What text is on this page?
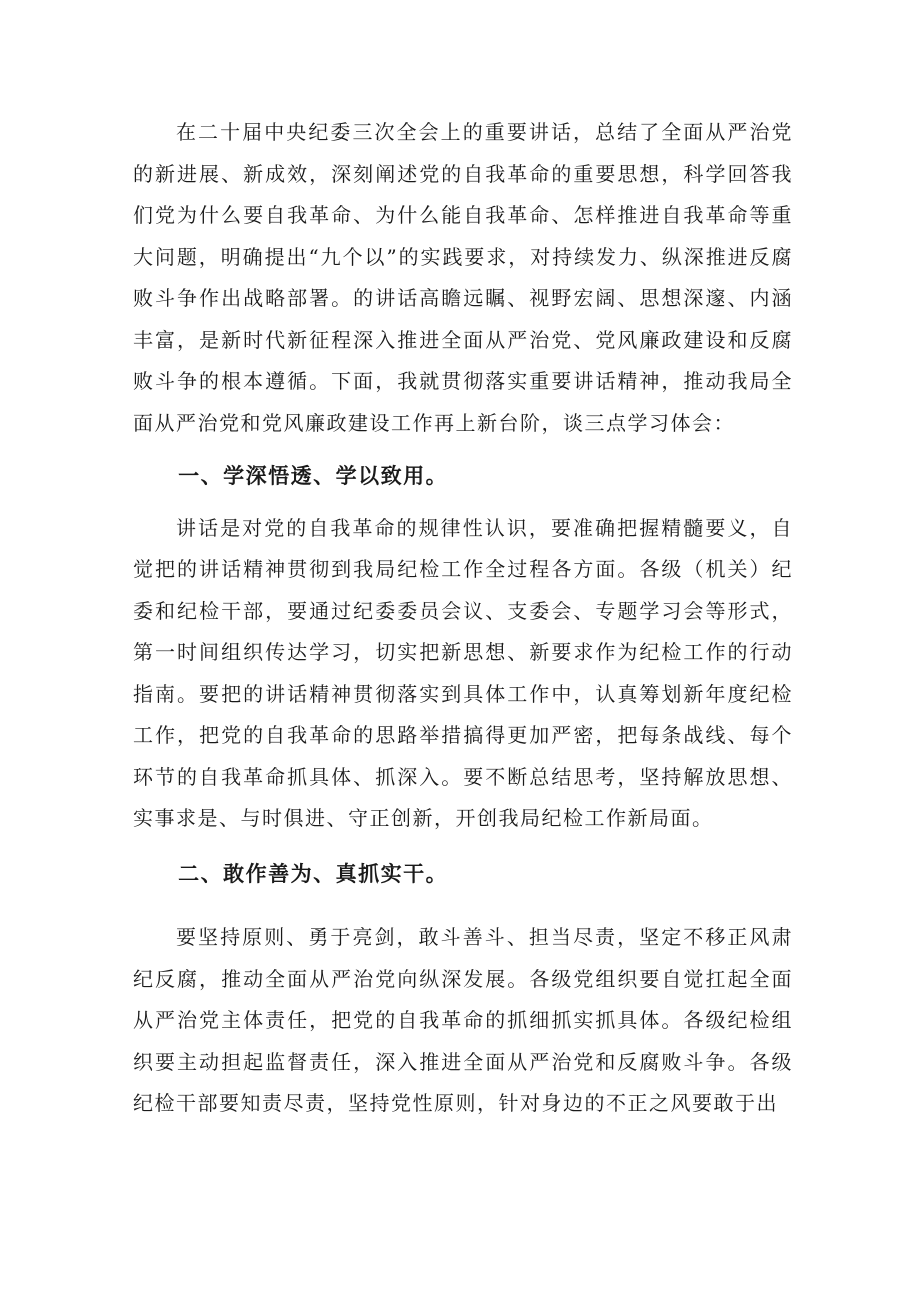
在二十届中央纪委三次全会上的重要讲话，总结了全面从严治党的新进展、新成效，深刻阐述党的自我革命的重要思想，科学回答我们党为什么要自我革命、为什么能自我革命、怎样推进自我革命等重大问题，明确提出“九个以”的实践要求，对持续发力、纵深推进反腐败斗争作出战略部署。的讲话高瞻远瞩、视野宏阔、思想深邃、内涵丰富，是新时代新征程深入推进全面从严治党、党风廉政建设和反腐败斗争的根本遵循。下面，我就贯彻落实重要讲话精神，推动我局全面从严治党和党风廉政建设工作再上新台阶，谈三点学习体会：

一、学深悟透、学以致用。

讲话是对党的自我革命的规律性认识，要准确把握精髓要义，自觉把的讲话精神贯彻到我局纪检工作全过程各方面。各级（机关）纪委和纪检干部，要通过纪委委员会议、支委会、专题学习会等形式，第一时间组织传达学习，切实把新思想、新要求作为纪检工作的行动指南。要把的讲话精神贯彻落实到具体工作中，认真筹划新年度纪检工作，把党的自我革命的思路举措搞得更加严密，把每条战线、每个环节的自我革命抓具体、抓深入。要不断总结思考，坚持解放思想、实事求是、与时俱进、守正创新，开创我局纪检工作新局面。

二、敢作善为、真抓实干。

要坚持原则、勇于亮剑，敢斗善斗、担当尽责，坚定不移正风肃纪反腐，推动全面从严治党向纵深发展。各级党组织要自觉扛起全面从严治党主体责任，把党的自我革命的抓细抓实抓具体。各级纪检组织要主动担起监督责任，深入推进全面从严治党和反腐败斗争。各级纪检干部要知责尽责，坚持党性原则，针对身边的不正之风要敢于出
